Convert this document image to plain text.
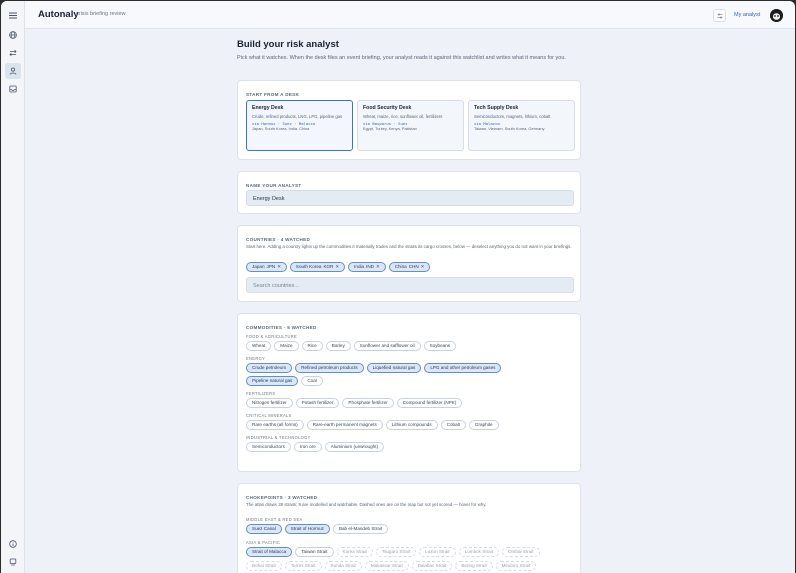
Autonaly
crisis briefing review	My analyst
Build your risk analyst
Pick what it watches. When the desk files an event briefing, your analyst reads it against this watchlist and writes what it means for you.
START FROM A DESK
Energy Desk
Crude, refined products, LNG, LPG, pipeline gas
via Hormuz · Suez · Malacca
Japan, South Korea, India, China
Food Security Desk
Wheat, maize, rice, sunflower oil, fertilizers
via Bosporus · Suez
Egypt, Turkey, Kenya, Pakistan
Tech Supply Desk
Semiconductors, magnets, lithium, cobalt
via Malacca
Taiwan, Vietnam, South Korea, Germany
NAME YOUR ANALYST
Energy Desk
COUNTRIES · 4 WATCHED
Start here. Adding a country lights up the commodities it materially trades and the straits its cargo crosses, below — deselect anything you do not want in your briefings.
Japan JPN ✕	South Korea KOR ✕	India IND ✕	China CHN ✕
Search countries...
COMMODITIES · 5 WATCHED
FOOD & AGRICULTURE
Wheat	Maize	Rice	Barley	Sunflower and safflower oil	Soybeans
ENERGY
Crude petroleum	Refined petroleum products	Liquefied natural gas	LPG and other petroleum gases
Pipeline natural gas	Coal
FERTILIZERS
Nitrogen fertilizer	Potash fertilizer	Phosphate fertilizer	Compound fertilizer (NPK)
CRITICAL MINERALS
Rare earths (all forms)	Rare-earth permanent magnets	Lithium compounds	Cobalt	Graphite
INDUSTRIAL & TECHNOLOGY
Semiconductors	Iron ore	Aluminium (unwrought)
CHOKEPOINTS · 3 WATCHED
The atlas draws 28 straits; 8 are modelled and watchable. Dashed ones are on the map but not yet scored — hover for why.
MIDDLE EAST & RED SEA
Suez Canal	Strait of Hormuz	Bab el-Mandeb Strait
ASIA & PACIFIC
Strait of Malacca	Taiwan Strait	Korea Strait	Tsugaru Strait	Luzon Strait	Lombok Strait	Ombai Strait
Bohai Strait	Torres Strait	Sunda Strait	Makassar Strait	Balabac Strait	Bering Strait	Mindoro Strait
